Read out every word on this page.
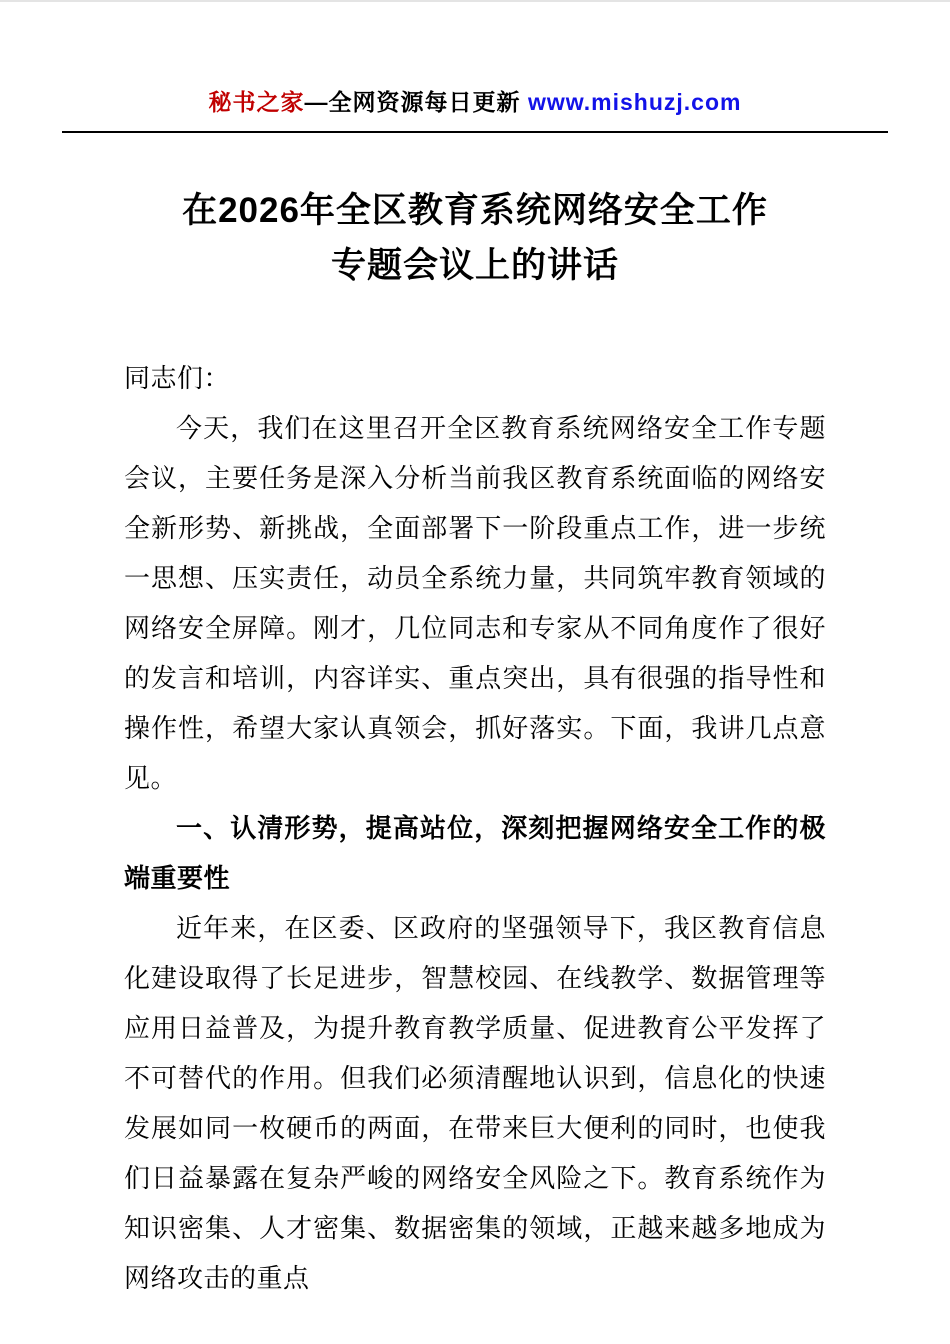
秘书之家—全网资源每日更新 www.mishuzj.com
在2026年全区教育系统网络安全工作
专题会议上的讲话

同志们：

今天，我们在这里召开全区教育系统网络安全工作专题会议，主要任务是深入分析当前我区教育系统面临的网络安全新形势、新挑战，全面部署下一阶段重点工作，进一步统一思想、压实责任，动员全系统力量，共同筑牢教育领域的网络安全屏障。刚才，几位同志和专家从不同角度作了很好的发言和培训，内容详实、重点突出，具有很强的指导性和操作性，希望大家认真领会，抓好落实。下面，我讲几点意见。

一、认清形势，提高站位，深刻把握网络安全工作的极端重要性

近年来，在区委、区政府的坚强领导下，我区教育信息化建设取得了长足进步，智慧校园、在线教学、数据管理等应用日益普及，为提升教育教学质量、促进教育公平发挥了不可替代的作用。但我们必须清醒地认识到，信息化的快速发展如同一枚硬币的两面，在带来巨大便利的同时，也使我们日益暴露在复杂严峻的网络安全风险之下。教育系统作为知识密集、人才密集、数据密集的领域，正越来越多地成为网络攻击的重点
